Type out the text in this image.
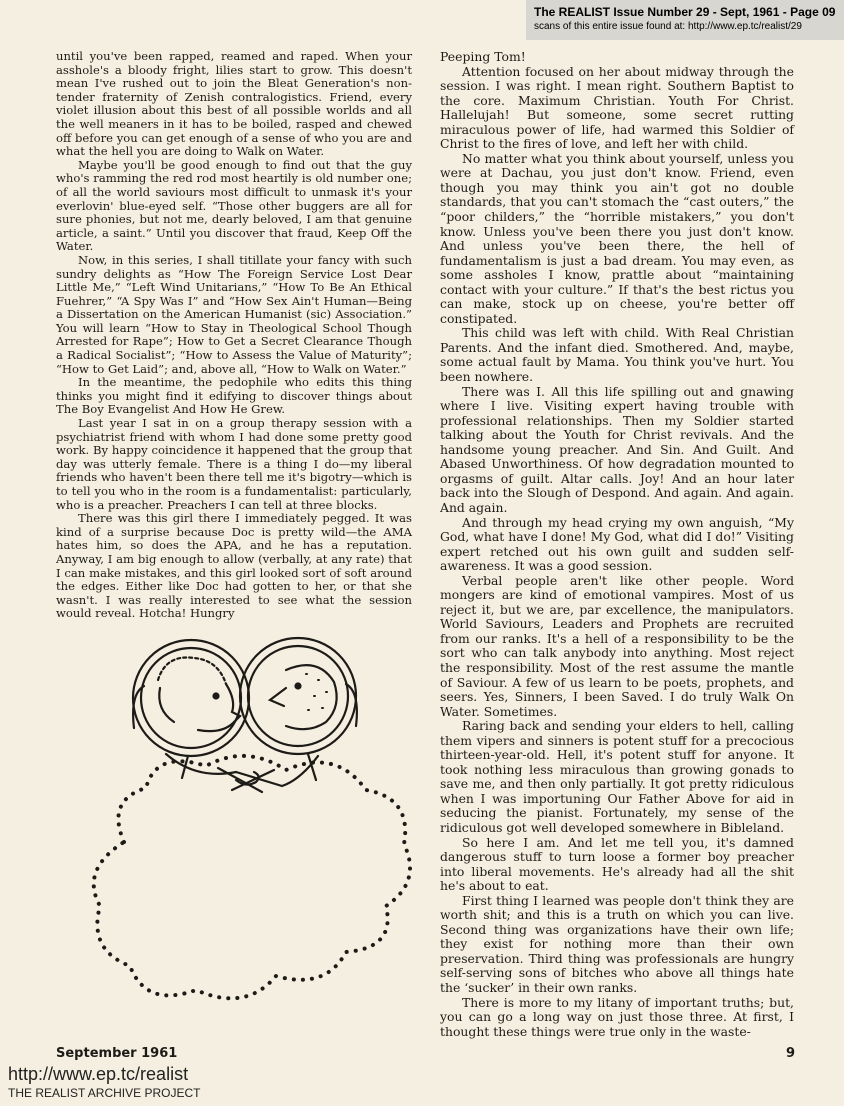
The REALIST Issue Number 29 - Sept, 1961 - Page 09
scans of this entire issue found at: http://www.ep.tc/realist/29

until you've been rapped, reamed and raped. When your asshole's a bloody fright, lilies start to grow. This doesn't mean I've rushed out to join the Bleat Generation's non-tender fraternity of Zenish contralogistics. Friend, every violet illusion about this best of all possible worlds and all the well meaners in it has to be boiled, rasped and chewed off before you can get enough of a sense of who you are and what the hell you are doing to Walk on Water.

Maybe you'll be good enough to find out that the guy who's ramming the red rod most heartily is old number one; of all the world saviours most difficult to unmask it's your everlovin' blue-eyed self. “Those other buggers are all for sure phonies, but not me, dearly beloved, I am that genuine article, a saint.” Until you discover that fraud, Keep Off the Water.

Now, in this series, I shall titillate your fancy with such sundry delights as “How The Foreign Service Lost Dear Little Me,” “Left Wind Unitarians,” “How To Be An Ethical Fuehrer,” “A Spy Was I” and “How Sex Ain't Human—Being a Dissertation on the American Humanist (sic) Association.” You will learn “How to Stay in Theological School Though Arrested for Rape”; How to Get a Secret Clearance Though a Radical Socialist”; “How to Assess the Value of Maturity”; “How to Get Laid”; and, above all, “How to Walk on Water.”

In the meantime, the pedophile who edits this thing thinks you might find it edifying to discover things about The Boy Evangelist And How He Grew.

Last year I sat in on a group therapy session with a psychiatrist friend with whom I had done some pretty good work. By happy coincidence it happened that the group that day was utterly female. There is a thing I do—my liberal friends who haven't been there tell me it's bigotry—which is to tell you who in the room is a fundamentalist: particularly, who is a preacher. Preachers I can tell at three blocks.

There was this girl there I immediately pegged. It was kind of a surprise because Doc is pretty wild—the AMA hates him, so does the APA, and he has a reputation. Anyway, I am big enough to allow (verbally, at any rate) that I can make mistakes, and this girl looked sort of soft around the edges. Either like Doc had gotten to her, or that she wasn't. I was really interested to see what the session would reveal. Hotcha! Hungry

Peeping Tom!

Attention focused on her about midway through the session. I was right. I mean right. Southern Baptist to the core. Maximum Christian. Youth For Christ. Hallelujah! But someone, some secret rutting miraculous power of life, had warmed this Soldier of Christ to the fires of love, and left her with child.

No matter what you think about yourself, unless you were at Dachau, you just don't know. Friend, even though you may think you ain't got no double standards, that you can't stomach the “cast outers,” the “poor childers,” the “horrible mistakers,” you don't know. Unless you've been there you just don't know. And unless you've been there, the hell of fundamentalism is just a bad dream. You may even, as some assholes I know, prattle about “maintaining contact with your culture.” If that's the best rictus you can make, stock up on cheese, you're better off constipated.

This child was left with child. With Real Christian Parents. And the infant died. Smothered. And, maybe, some actual fault by Mama. You think you've hurt. You been nowhere.

There was I. All this life spilling out and gnawing where I live. Visiting expert having trouble with professional relationships. Then my Soldier started talking about the Youth for Christ revivals. And the handsome young preacher. And Sin. And Guilt. And Abased Unworthiness. Of how degradation mounted to orgasms of guilt. Altar calls. Joy! And an hour later back into the Slough of Despond. And again. And again. And again.

And through my head crying my own anguish, “My God, what have I done! My God, what did I do!” Visiting expert retched out his own guilt and sudden self-awareness. It was a good session.

Verbal people aren't like other people. Word mongers are kind of emotional vampires. Most of us reject it, but we are, par excellence, the manipulators. World Saviours, Leaders and Prophets are recruited from our ranks. It's a hell of a responsibility to be the sort who can talk anybody into anything. Most reject the responsibility. Most of the rest assume the mantle of Saviour. A few of us learn to be poets, prophets, and seers. Yes, Sinners, I been Saved. I do truly Walk On Water. Sometimes.

Raring back and sending your elders to hell, calling them vipers and sinners is potent stuff for a precocious thirteen-year-old. Hell, it's potent stuff for anyone. It took nothing less miraculous than growing gonads to save me, and then only partially. It got pretty ridiculous when I was importuning Our Father Above for aid in seducing the pianist. Fortunately, my sense of the ridiculous got well developed somewhere in Bibleland.

So here I am. And let me tell you, it's damned dangerous stuff to turn loose a former boy preacher into liberal movements. He's already had all the shit he's about to eat.

First thing I learned was people don't think they are worth shit; and this is a truth on which you can live. Second thing was organizations have their own life; they exist for nothing more than their own preservation. Third thing was professionals are hungry self-serving sons of bitches who above all things hate the ‘sucker’ in their own ranks.

There is more to my litany of important truths; but, you can go a long way on just those three. At first, I thought these things were true only in the waste-

September 1961	9
http://www.ep.tc/realist
THE REALIST ARCHIVE PROJECT
